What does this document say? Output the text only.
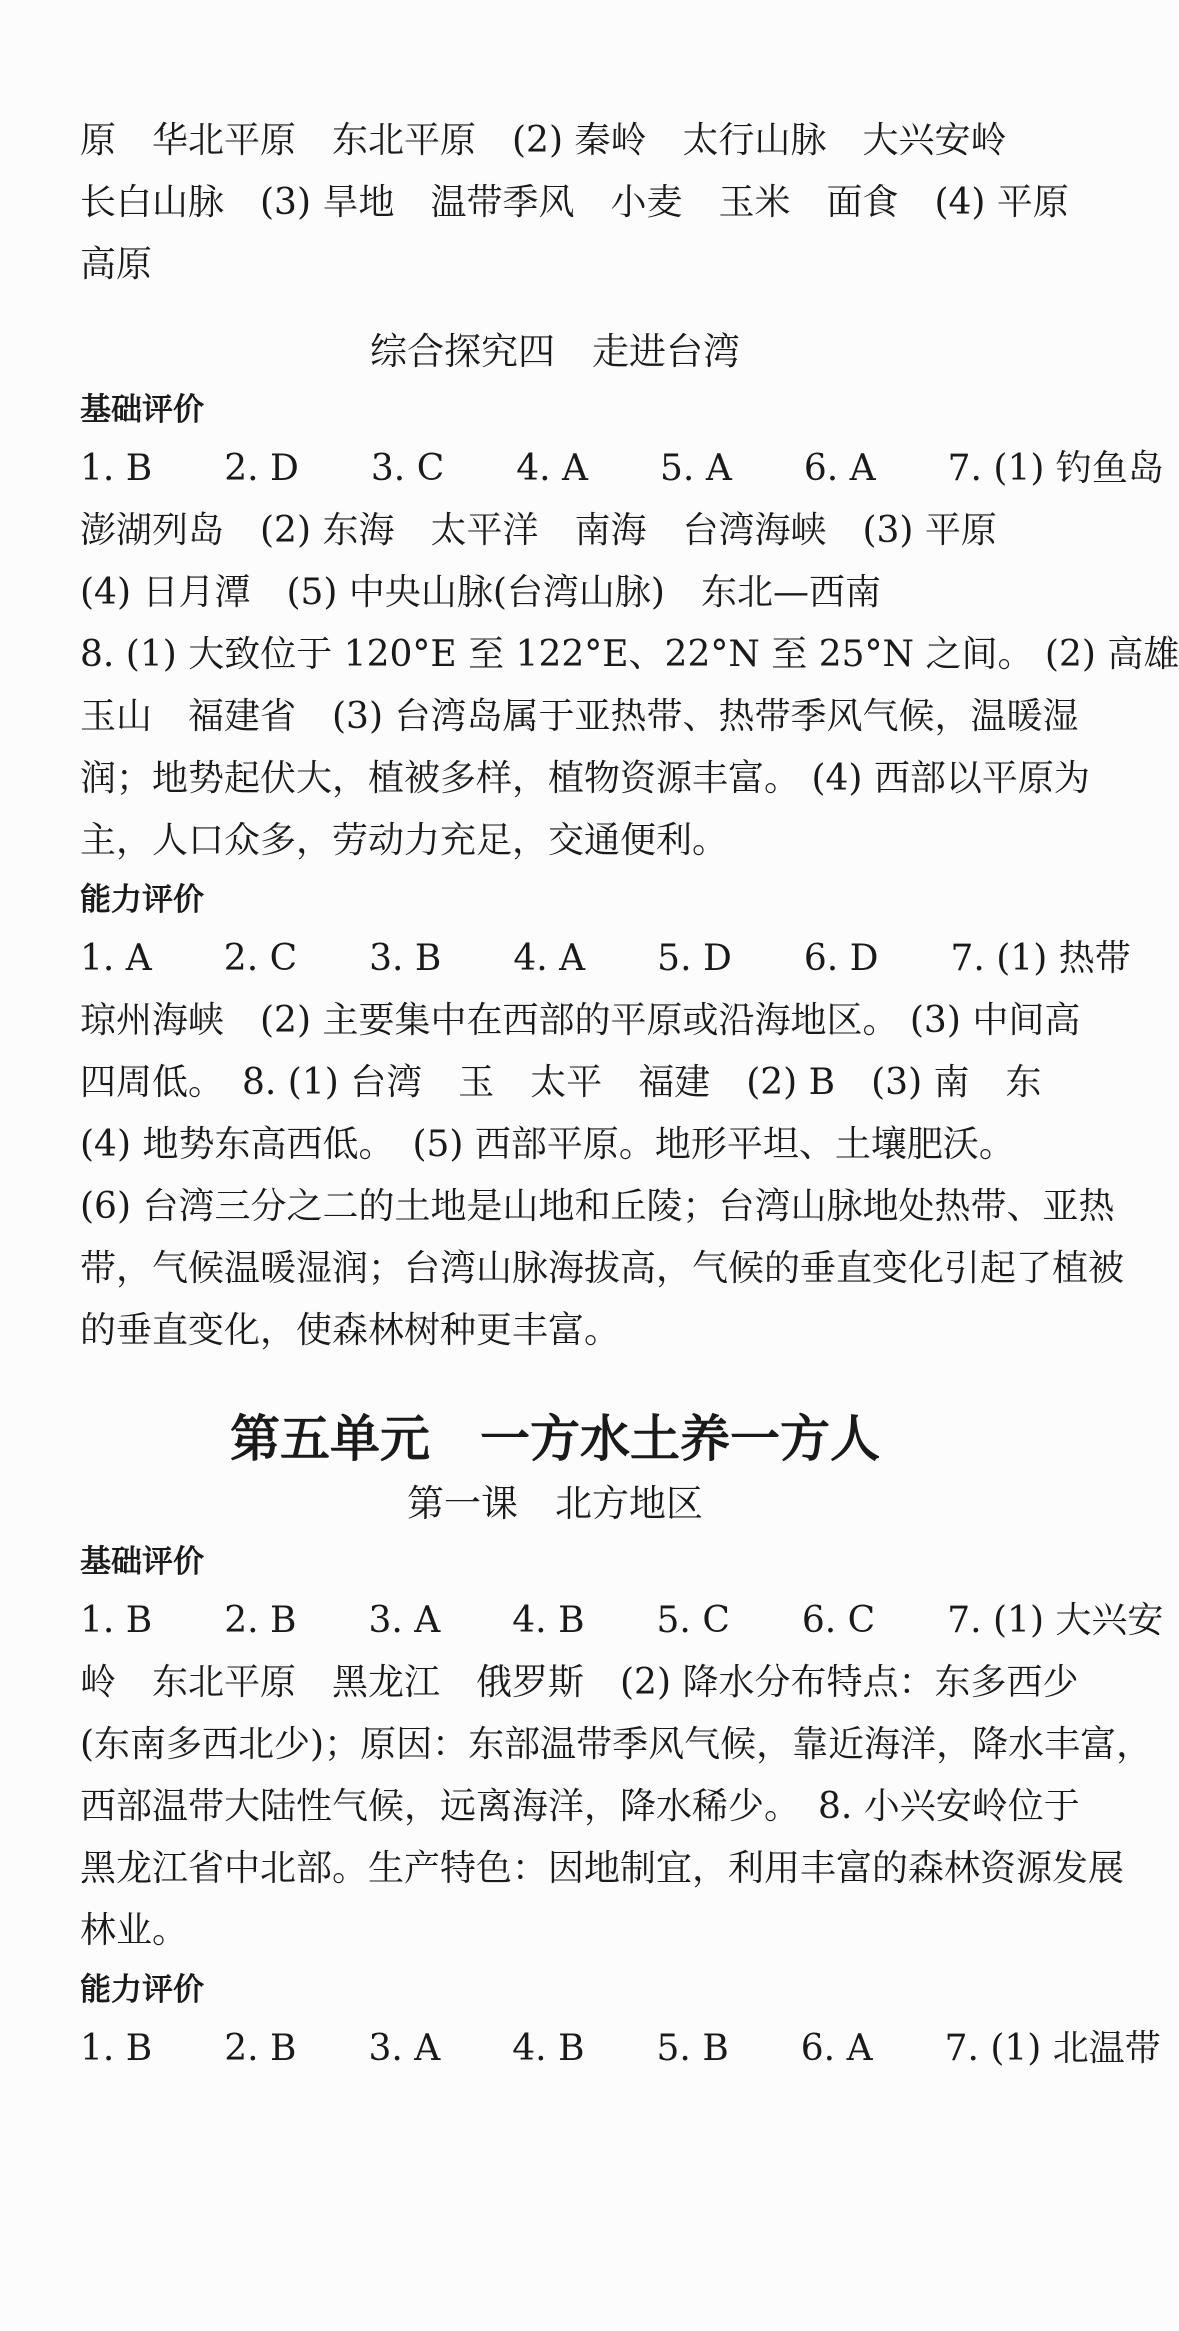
原　华北平原　东北平原　(2) 秦岭　太行山脉　大兴安岭

长白山脉　(3) 旱地　温带季风　小麦　玉米　面食　(4) 平原

高原

综合探究四　走进台湾

基础评价

1. B　　2. D　　3. C　　4. A　　5. A　　6. A　　7. (1) 钓鱼岛

澎湖列岛　(2) 东海　太平洋　南海　台湾海峡　(3) 平原

(4) 日月潭　(5) 中央山脉(台湾山脉)　东北—西南

8. (1) 大致位于 120°E 至 122°E、22°N 至 25°N 之间。 (2) 高雄

玉山　福建省　(3) 台湾岛属于亚热带、热带季风气候，温暖湿

润；地势起伏大，植被多样，植物资源丰富。 (4) 西部以平原为

主，人口众多，劳动力充足，交通便利。

能力评价

1. A　　2. C　　3. B　　4. A　　5. D　　6. D　　7. (1) 热带

琼州海峡　(2) 主要集中在西部的平原或沿海地区。 (3) 中间高

四周低。　8. (1) 台湾　玉　太平　福建　(2) B　(3) 南　东

(4) 地势东高西低。　(5) 西部平原。地形平坦、土壤肥沃。

(6) 台湾三分之二的土地是山地和丘陵；台湾山脉地处热带、亚热

带，气候温暖湿润；台湾山脉海拔高，气候的垂直变化引起了植被

的垂直变化，使森林树种更丰富。

第五单元　一方水土养一方人

第一课　北方地区

基础评价

1. B　　2. B　　3. A　　4. B　　5. C　　6. C　　7. (1) 大兴安

岭　东北平原　黑龙江　俄罗斯　(2) 降水分布特点：东多西少

(东南多西北少)；原因：东部温带季风气候，靠近海洋，降水丰富，

西部温带大陆性气候，远离海洋，降水稀少。　8. 小兴安岭位于

黑龙江省中北部。生产特色：因地制宜，利用丰富的森林资源发展

林业。

能力评价

1. B　　2. B　　3. A　　4. B　　5. B　　6. A　　7. (1) 北温带
